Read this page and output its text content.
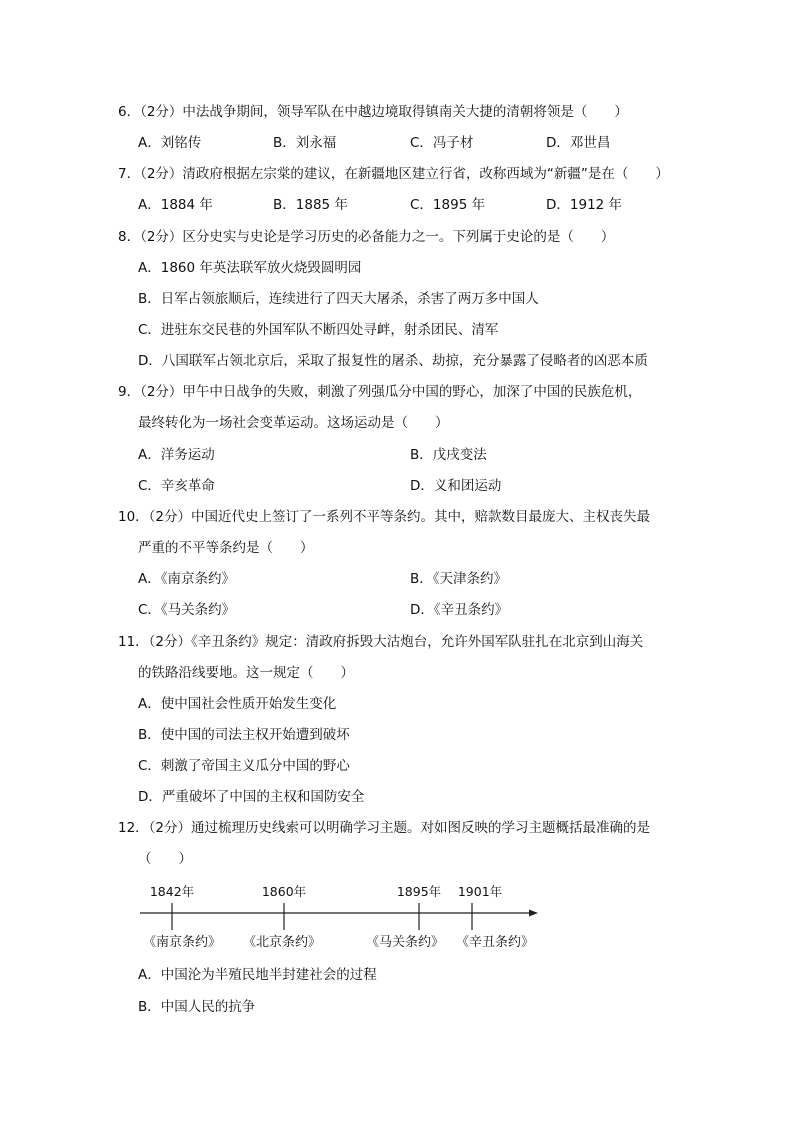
6．（2分）中法战争期间，领导军队在中越边境取得镇南关大捷的清朝将领是（　　）
A．刘铭传	B．刘永福	C．冯子材	D．邓世昌
7．（2分）清政府根据左宗棠的建议，在新疆地区建立行省，改称西域为“新疆”是在（　　）
A．1884 年	B．1885 年	C．1895 年	D．1912 年
8．（2分）区分史实与史论是学习历史的必备能力之一。下列属于史论的是（　　）
A．1860 年英法联军放火烧毁圆明园
B．日军占领旅顺后，连续进行了四天大屠杀，杀害了两万多中国人
C．进驻东交民巷的外国军队不断四处寻衅，射杀团民、清军
D．八国联军占领北京后，采取了报复性的屠杀、劫掠，充分暴露了侵略者的凶恶本质
9．（2分）甲午中日战争的失败，刺激了列强瓜分中国的野心，加深了中国的民族危机，
最终转化为一场社会变革运动。这场运动是（　　）
A．洋务运动	B．戊戌变法
C．辛亥革命	D．义和团运动
10．（2分）中国近代史上签订了一系列不平等条约。其中，赔款数目最庞大、主权丧失最
严重的不平等条约是（　　）
A．《南京条约》	B．《天津条约》
C．《马关条约》	D．《辛丑条约》
11．（2分）《辛丑条约》规定：清政府拆毁大沽炮台，允许外国军队驻扎在北京到山海关
的铁路沿线要地。这一规定（　　）
A．使中国社会性质开始发生变化
B．使中国的司法主权开始遭到破坏
C．刺激了帝国主义瓜分中国的野心
D．严重破坏了中国的主权和国防安全
12．（2分）通过梳理历史线索可以明确学习主题。对如图反映的学习主题概括最准确的是
（　　）
1842年
《南京条约》
1860年
《北京条约》
1895年
《马关条约》
1901年
《辛丑条约》
A．中国沦为半殖民地半封建社会的过程
B．中国人民的抗争
